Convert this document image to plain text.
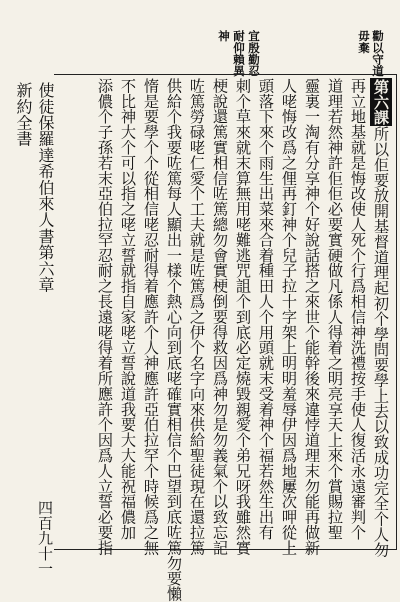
神 耐仰賴異 宜殷勤忍	毋棄 勸以守道
第六課所以佢要放開基督道理起初个學問要學上去以致成功完全个人勿
再立地基就是悔改使人死个行爲相信神洗禮按手使人復活永遠審判个
道理若然神許佢佢必要實硬做凡係人得着之明亮享天上來个賞賜拉聖
靈裏一淘有分享神个好說話搭之來世个能幹後來違悖道理末勿能再做新
人咾悔改爲之俚再釘神个兒子拉十字架上明明羞辱伊因爲地屢次呷從上
頭落下來个雨生出菜來合着種田人个用頭就末受着神个福若然生出有
刺个草來就末算無用咾難逃咒詛个到底必定燒毀親愛个弟兄呀我雖然實
梗說還篤實相信咗篤總勿會實梗倒要得救因爲神勿是勿義氣个以致忘記
咗篤勞碌咾仁愛个工夫就是咗篤爲之伊个名字向來供給聖徒現在還拉篤
供給个我要咗篤每人顯出一樣个熱心向到底咾確實相信个巴望到底咗篤勿要懶
惰是要學个个從相信咾忍耐得着應許个人神應許亞伯拉罕个時候爲之無
不比神大个可以指之咾立誓就指自家咾立誓說道我要大大能祝福儂加
添儂个子孫若末亞伯拉罕忍耐之長遠咾得着所應許个因爲人立誓必要指
新約全書 使徒保羅達希伯來人書第六章
四百九十一
